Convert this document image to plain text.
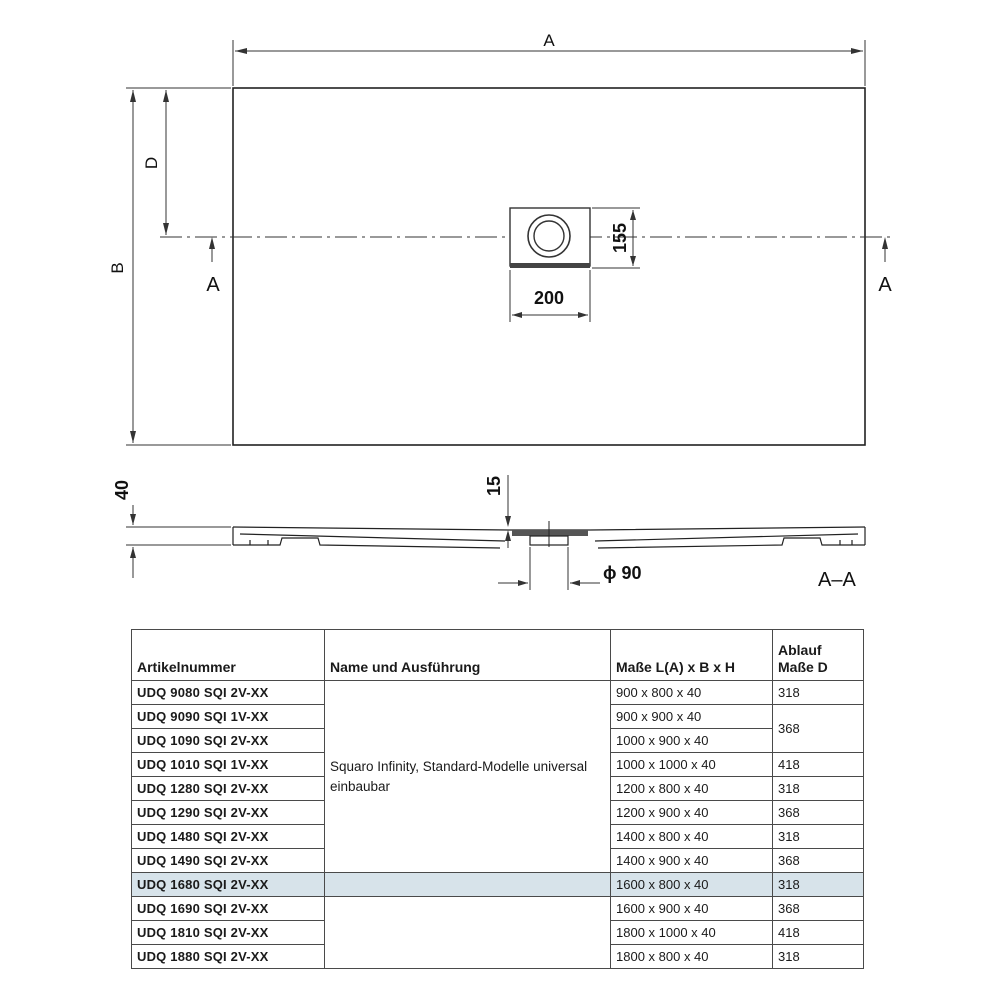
A
B
D
A	A
155
200
40	15
ϕ 90	A–A
Artikelnummer	Name und Ausführung	Maße L(A) x B x H	Ablauf
Maße D
UDQ 9080 SQI 2V-XX	Squaro Infinity, Standard-Modelle universal einbaubar	900 x 800 x 40	318
UDQ 9090 SQI 1V-XX		900 x 900 x 40	368
UDQ 1090 SQI 2V-XX		1000 x 900 x 40	
UDQ 1010 SQI 1V-XX		1000 x 1000 x 40	418
UDQ 1280 SQI 2V-XX		1200 x 800 x 40	318
UDQ 1290 SQI 2V-XX		1200 x 900 x 40	368
UDQ 1480 SQI 2V-XX		1400 x 800 x 40	318
UDQ 1490 SQI 2V-XX		1400 x 900 x 40	368
UDQ 1680 SQI 2V-XX		1600 x 800 x 40	318
UDQ 1690 SQI 2V-XX		1600 x 900 x 40	368
UDQ 1810 SQI 2V-XX		1800 x 1000 x 40	418
UDQ 1880 SQI 2V-XX		1800 x 800 x 40	318
